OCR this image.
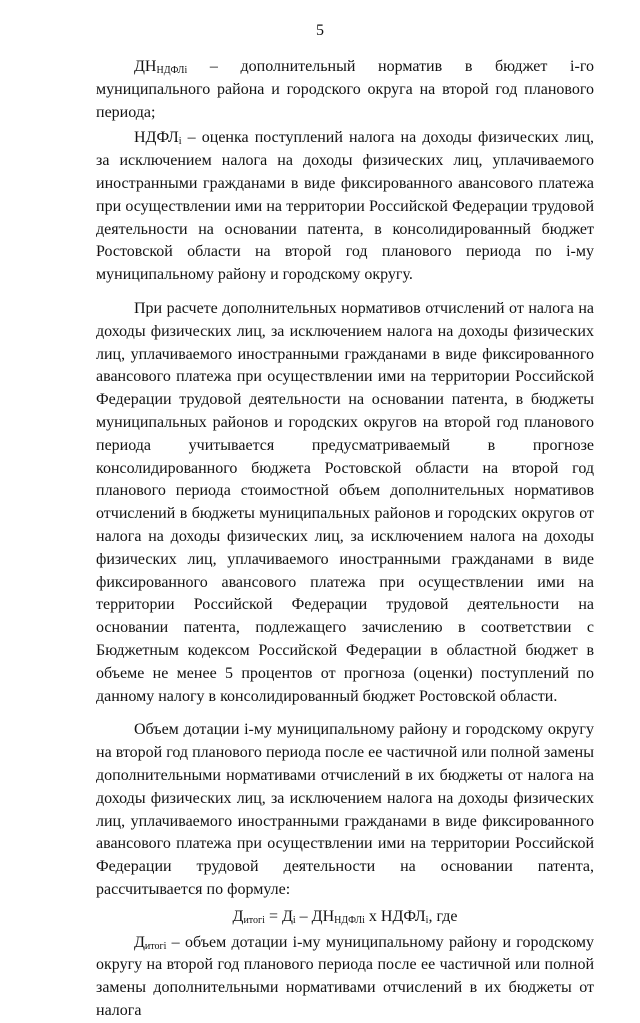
5

$ДН_{НДФЛi}$ – дополнительный норматив в бюджет i-го муниципального района и городского округа на второй год планового периода;

$НДФЛ_i$ – оценка поступлений налога на доходы физических лиц, за исключением налога на доходы физических лиц, уплачиваемого иностранными гражданами в виде фиксированного авансового платежа при осуществлении ими на территории Российской Федерации трудовой деятельности на основании патента, в консолидированный бюджет Ростовской области на второй год планового периода по i-му муниципальному району и городскому округу.

При расчете дополнительных нормативов отчислений от налога на доходы физических лиц, за исключением налога на доходы физических лиц, уплачиваемого иностранными гражданами в виде фиксированного авансового платежа при осуществлении ими на территории Российской Федерации трудовой деятельности на основании патента, в бюджеты муниципальных районов и городских округов на второй год планового периода учитывается предусматриваемый в прогнозе консолидированного бюджета Ростовской области на второй год планового периода стоимостной объем дополнительных нормативов отчислений в бюджеты муниципальных районов и городских округов от налога на доходы физических лиц, за исключением налога на доходы физических лиц, уплачиваемого иностранными гражданами в виде фиксированного авансового платежа при осуществлении ими на территории Российской Федерации трудовой деятельности на основании патента, подлежащего зачислению в соответствии с Бюджетным кодексом Российской Федерации в областной бюджет в объеме не менее 5 процентов от прогноза (оценки) поступлений по данному налогу в консолидированный бюджет Ростовской области.

Объем дотации i-му муниципальному району и городскому округу на второй год планового периода после ее частичной или полной замены дополнительными нормативами отчислений в их бюджеты от налога на доходы физических лиц, за исключением налога на доходы физических лиц, уплачиваемого иностранными гражданами в виде фиксированного авансового платежа при осуществлении ими на территории Российской Федерации трудовой деятельности на основании патента, рассчитывается по формуле:

$Д_{итогi} = Д_i - ДН_{НДФЛi}$ х $НДФЛ_i$, где

$Д_{итогi}$ – объем дотации i-му муниципальному району и городскому округу на второй год планового периода после ее частичной или полной замены дополнительными нормативами отчислений в их бюджеты от налога
